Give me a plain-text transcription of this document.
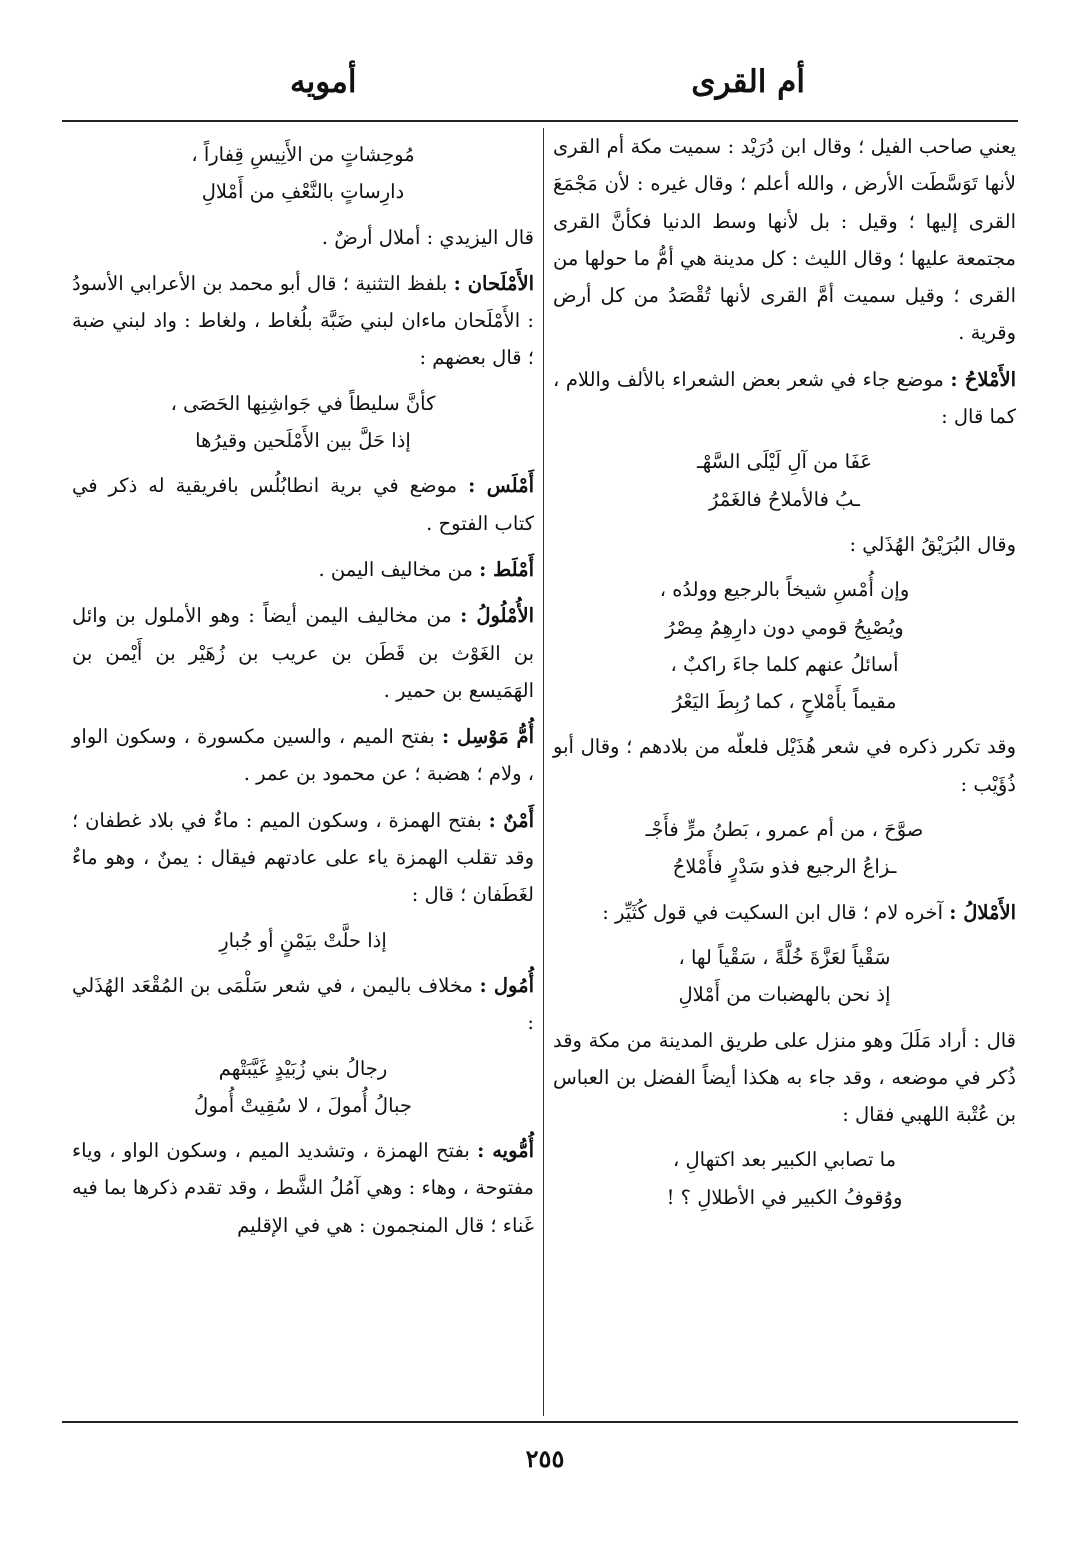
أم القرى
أمويه
يعني صاحب الفيل ؛ وقال ابن دُرَيْد : سميت مكة أم القرى لأنها تَوَسَّطَت الأرض ، والله أعلم ؛ وقال غيره : لأن مَجْمَعَ القرى إليها ؛ وقيل : بل لأنها وسط الدنيا فكأنَّ القرى مجتمعة عليها ؛ وقال الليث : كل مدينة هي أمُّ ما حولها من القرى ؛ وقيل سميت أمَّ القرى لأنها تُقْصَدُ من كل أرض وقرية .
الأَمْلاحُ : موضع جاء في شعر بعض الشعراء بالألف واللام ، كما قال :
عَفَا من آلِ لَيْلَى السَّهْـ
ـبُ فالأملاحُ فالغَمْرُ
وقال البُرَيْقُ الهُذَلي :
وإن أُمْسِ شيخاً بالرجيع وولدُه ،
ويُصْبِحُ قومي دون دارِهِمُ مِصْرُ
أسائلُ عنهم كلما جاءَ راكبٌ ،
مقيماً بأَمْلاحٍ ، كما رُبِطَ اليَعْرُ
وقد تكرر ذكره في شعر هُذَيْل فلعلّه من بلادهم ؛ وقال أبو ذُؤَيْب :
صوَّحَ ، من أم عمرو ، بَطنُ مرٍّ فأَجْـ
ـزاعُ الرجيع فذو سَدْرٍ فأَمْلاحُ
الأَمْلالُ : آخره لام ؛ قال ابن السكيت في قول كُثَيِّر :
سَقْياً لعَزَّةَ خُلَّةً ، سَقْياً لها ،
إذ نحن بالهضبات من أَمْلالِ
قال : أراد مَلَلَ وهو منزل على طريق المدينة من مكة وقد ذُكر في موضعه ، وقد جاء به هكذا أيضاً الفضل بن العباس بن عُتْبة اللهبي فقال :
ما تصابي الكبير بعد اكتهالِ ،
ووُقوفُ الكبير في الأطلالِ ؟ !
مُوحِشاتٍ من الأَنِيسِ قِفاراً ،
دارِساتٍ بالنَّعْفِ من أَمْلالِ
قال اليزيدي : أملال أرضٌ .
الأَمْلَحان : بلفظ التثنية ؛ قال أبو محمد بن الأعرابي الأسودُ : الأَمْلَحان ماءان لبني ضَبَّة بلُغاط ، ولغاط : واد لبني ضبة ؛ قال بعضهم :
كأنَّ سليطاً في جَواشِنِها الحَصَى ،
إذا حَلَّ بين الأَمْلَحين وقيرُها
أَمْلَس : موضع في برية انطابُلُس بافريقية له ذكر في كتاب الفتوح .
أَمْلَط : من مخاليف اليمن .
الأُمْلُولُ : من مخاليف اليمن أيضاً : وهو الأملول بن وائل بن الغَوْث بن قَطَن بن عريب بن زُهَيْر بن أَيْمن بن الهَمَيسع بن حمير .
أُمُّ مَوْسِل : بفتح الميم ، والسين مكسورة ، وسكون الواو ، ولام ؛ هضبة ؛ عن محمود بن عمر .
أَمْنٌ : بفتح الهمزة ، وسكون الميم : ماءٌ في بلاد غطفان ؛ وقد تقلب الهمزة ياء على عادتهم فيقال : يمنٌ ، وهو ماءٌ لغَطَفان ؛ قال :
إذا حلَّتْ بيَمْنٍ أو جُبارِ
أُمُول : مخلاف باليمن ، في شعر سَلْمَى بن المُقْعَد الهُذَلي :
رجالُ بني زُبَيْدٍ غَيَّبَتْهم
جبالُ أُمولَ ، لا سُقِيتْ أُمولُ
أُمُّويه : بفتح الهمزة ، وتشديد الميم ، وسكون الواو ، وياء مفتوحة ، وهاء : وهي آمُلُ الشَّط ، وقد تقدم ذكرها بما فيه غَناء ؛ قال المنجمون : هي في الإقليم
٢٥٥
